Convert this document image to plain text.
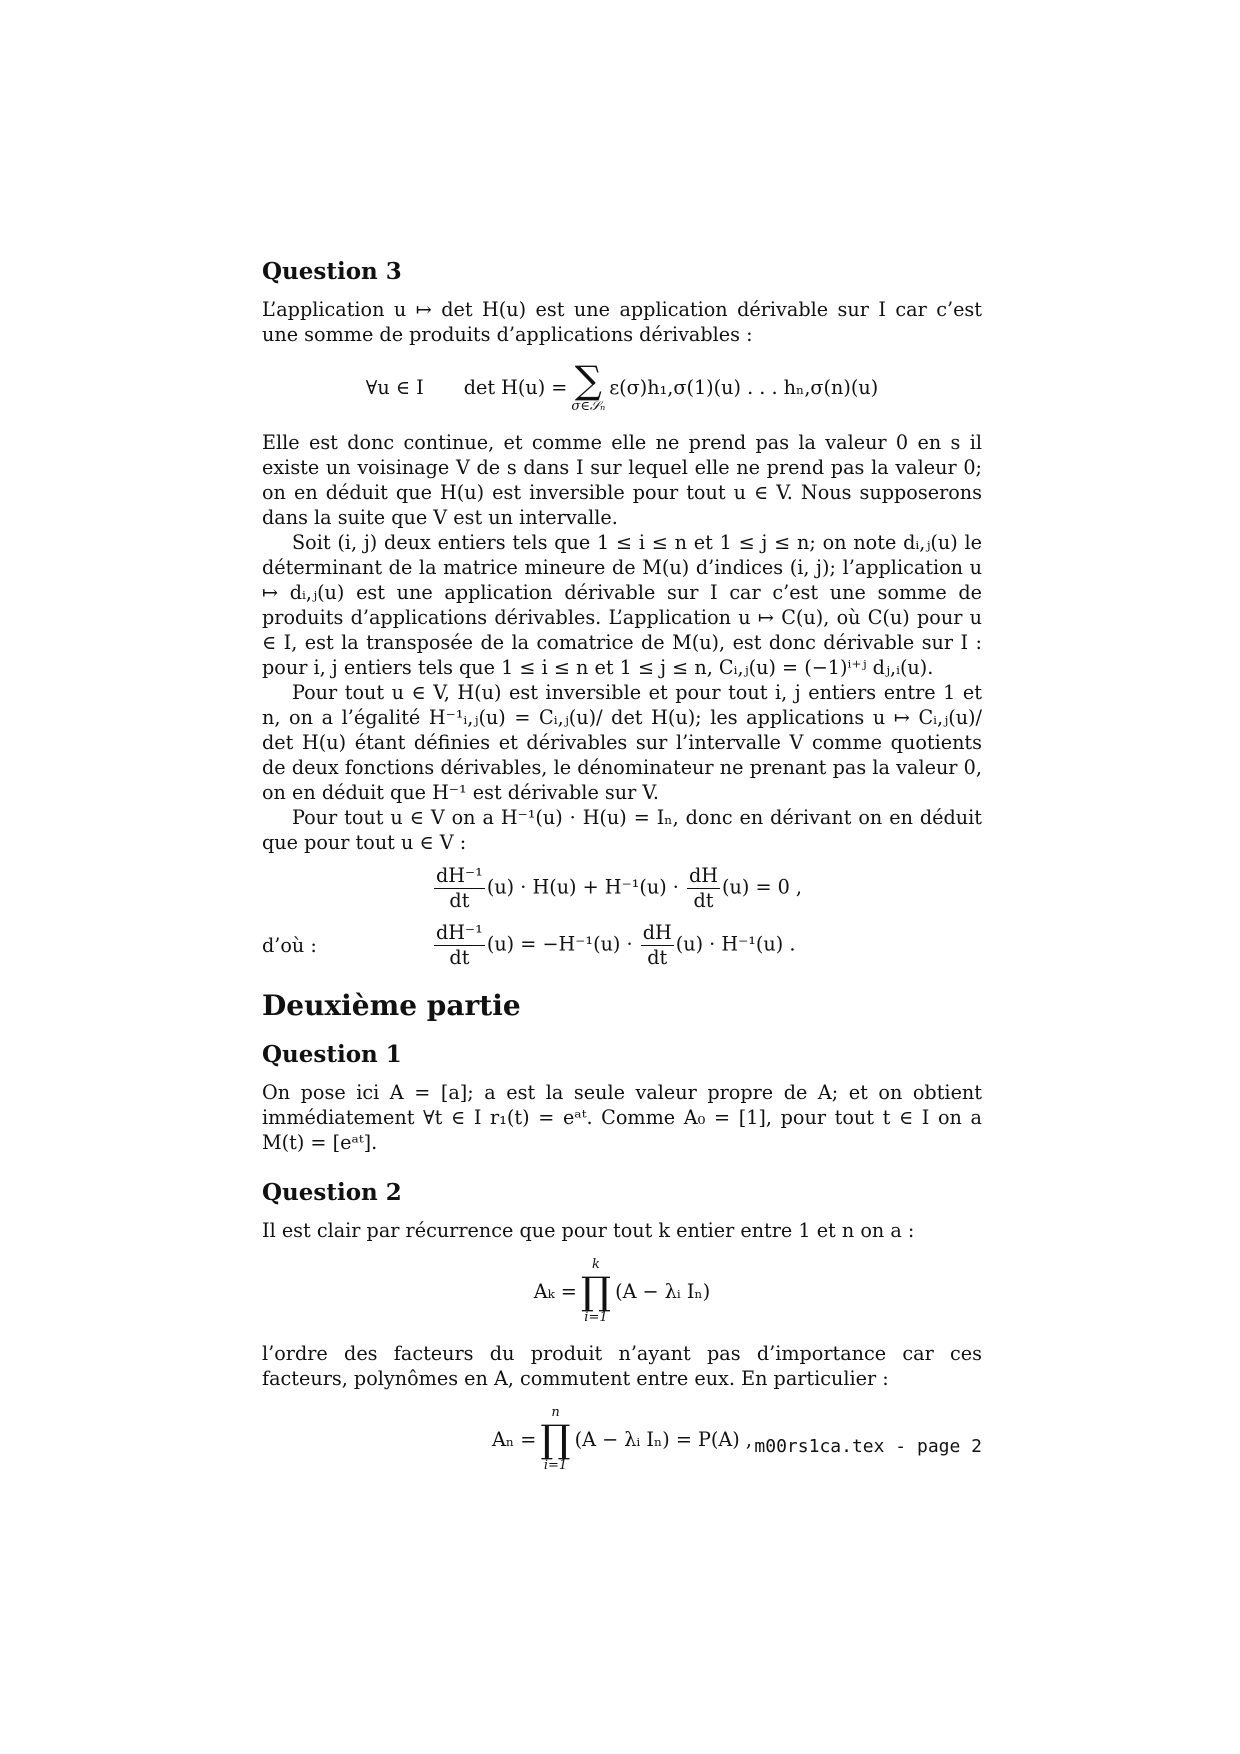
Question 3

L’application u ↦ det H(u) est une application dérivable sur I car c’est une somme de produits d’applications dérivables :

∀u ∈ I det H(u) = ∑
σ∈𝒮ₙ
ε(σ)h₁,σ(1)(u) . . . hₙ,σ(n)(u)

Elle est donc continue, et comme elle ne prend pas la valeur 0 en s il existe un voisinage V de s dans I sur lequel elle ne prend pas la valeur 0; on en déduit que H(u) est inversible pour tout u ∈ V. Nous supposerons dans la suite que V est un intervalle.

Soit (i, j) deux entiers tels que 1 ≤ i ≤ n et 1 ≤ j ≤ n; on note dᵢ,ⱼ(u) le déterminant de la matrice mineure de M(u) d’indices (i, j); l’application u ↦ dᵢ,ⱼ(u) est une application dérivable sur I car c’est une somme de produits d’applications dérivables. L’application u ↦ C(u), où C(u) pour u ∈ I, est la transposée de la comatrice de M(u), est donc dérivable sur I : pour i, j entiers tels que 1 ≤ i ≤ n et 1 ≤ j ≤ n, Cᵢ,ⱼ(u) = (−1)ⁱ⁺ʲ dⱼ,ᵢ(u).

Pour tout u ∈ V, H(u) est inversible et pour tout i, j entiers entre 1 et n, on a l’égalité H⁻¹ᵢ,ⱼ(u) = Cᵢ,ⱼ(u)/ det H(u); les applications u ↦ Cᵢ,ⱼ(u)/ det H(u) étant définies et dérivables sur l’intervalle V comme quotients de deux fonctions dérivables, le dénominateur ne prenant pas la valeur 0, on en déduit que H⁻¹ est dérivable sur V.

Pour tout u ∈ V on a H⁻¹(u) · H(u) = Iₙ, donc en dérivant on en déduit que pour tout u ∈ V :

$\frac{\text{dH⁻¹}}{dt} (u) \cdot H(u) + H^{-1}(u) \cdot \frac{dH}{dt} (u) = 0$ ,
d’où :	$\frac{\text{dH⁻¹}}{dt} (u) = -H^{-1}(u) \cdot \frac{dH}{dt} (u) \cdot H^{-1}(u)$ .
Deuxième partie
Question 1

On pose ici A = [a]; a est la seule valeur propre de A; et on obtient immédiatement ∀t ∈ I r₁(t) = eᵃᵗ. Comme A₀ = [1], pour tout t ∈ I on a M(t) = [eᵃᵗ].

Question 2

Il est clair par récurrence que pour tout k entier entre 1 et n on a :

Aₖ =
k
∏
i=1
(A − λᵢ Iₙ)

l’ordre des facteurs du produit n’ayant pas d’importance car ces facteurs, polynômes en A, commutent entre eux. En particulier :

Aₙ =
n
∏
i=1
(A − λᵢ Iₙ) = P(A) , m00rs1ca.tex - page 2
